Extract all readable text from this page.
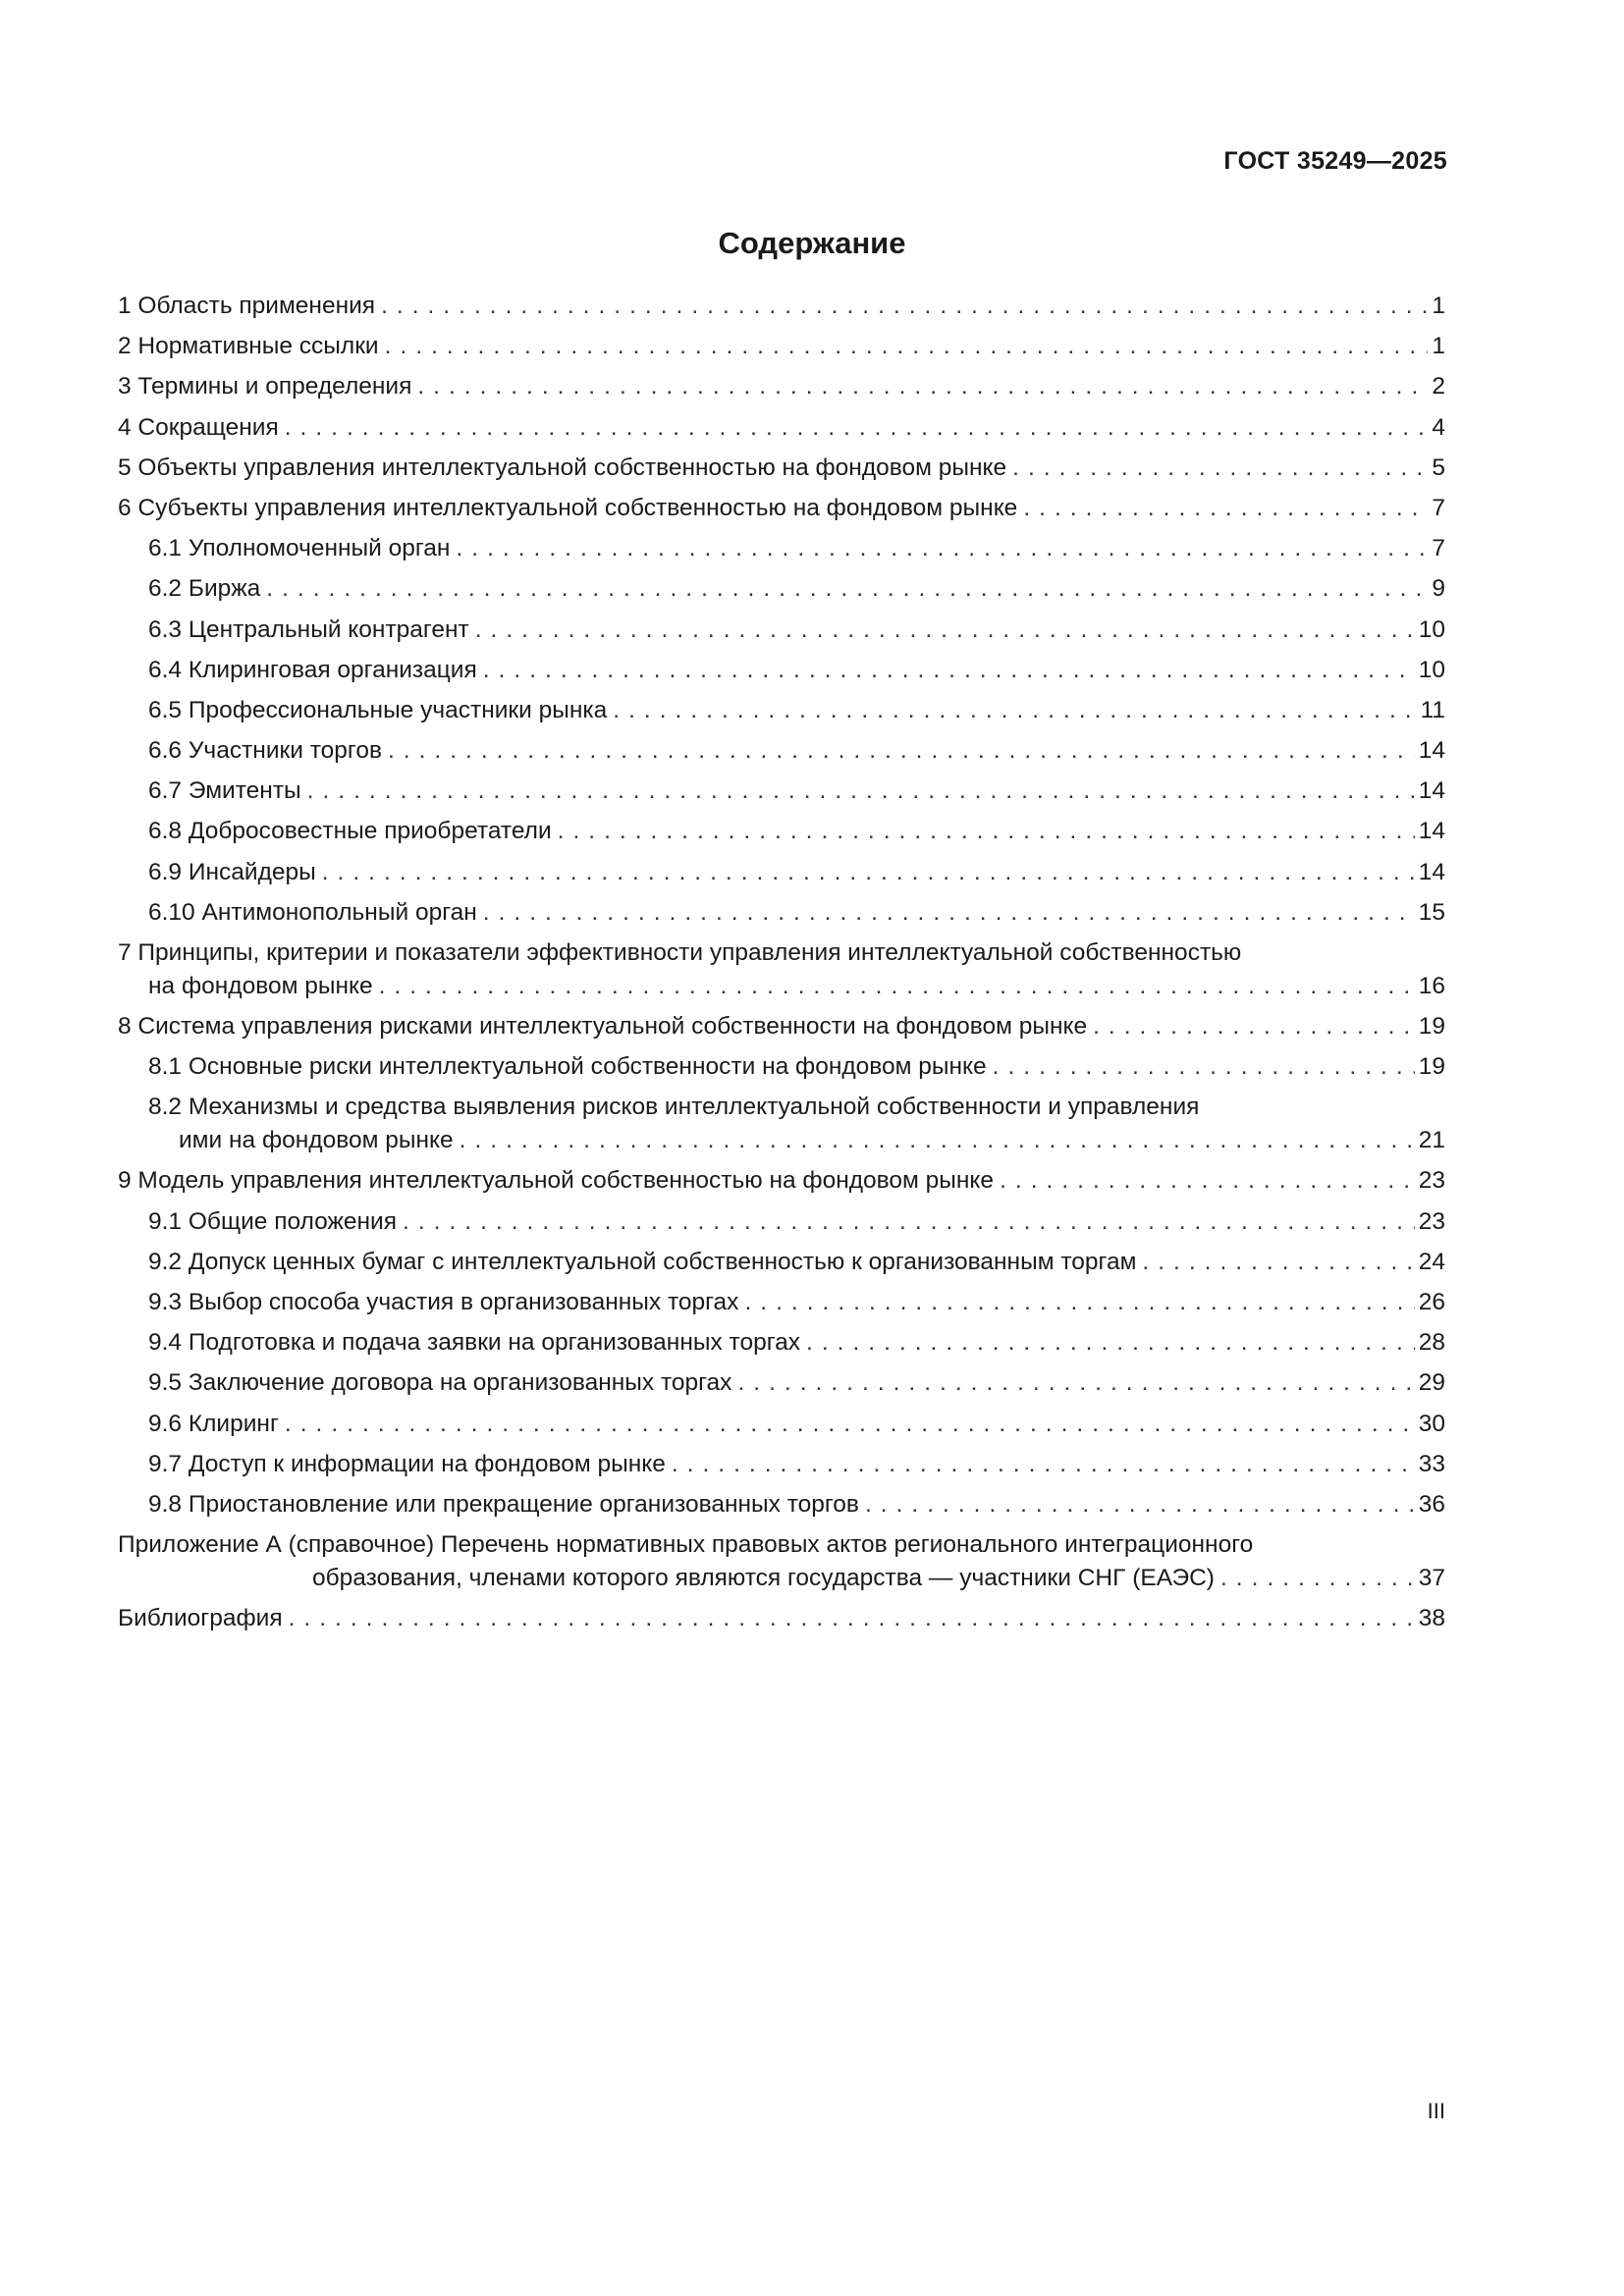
ГОСТ 35249—2025
Содержание
1 Область применения . . .	1
2 Нормативные ссылки . . .	1
3 Термины и определения . . .	2
4 Сокращения . . .	4
5 Объекты управления интеллектуальной собственностью на фондовом рынке . . .	5
6 Субъекты управления интеллектуальной собственностью на фондовом рынке . . .	7
6.1 Уполномоченный орган . . .	7
6.2 Биржа . . .	9
6.3 Центральный контрагент . . .	10
6.4 Клиринговая организация . . .	10
6.5 Профессиональные участники рынка . . .	11
6.6 Участники торгов . . .	14
6.7 Эмитенты . . .	14
6.8 Добросовестные приобретатели . . .	14
6.9 Инсайдеры . . .	14
6.10 Антимонопольный орган . . .	15
7 Принципы, критерии и показатели эффективности управления интеллектуальной собственностью
на фондовом рынке . . .	16
8 Система управления рисками интеллектуальной собственности на фондовом рынке . . .	19
8.1 Основные риски интеллектуальной собственности на фондовом рынке . . .	19
8.2 Механизмы и средства выявления рисков интеллектуальной собственности и управления
ими на фондовом рынке . . .	21
9 Модель управления интеллектуальной собственностью на фондовом рынке . . .	23
9.1 Общие положения . . .	23
9.2 Допуск ценных бумаг с интеллектуальной собственностью к организованным торгам . . .	24
9.3 Выбор способа участия в организованных торгах . . .	26
9.4 Подготовка и подача заявки на организованных торгах . . .	28
9.5 Заключение договора на организованных торгах . . .	29
9.6 Клиринг . . .	30
9.7 Доступ к информации на фондовом рынке . . .	33
9.8 Приостановление или прекращение организованных торгов . . .	36
Приложение А (справочное) Перечень нормативных правовых актов регионального интеграционного
образования, членами которого являются государства — участники СНГ (ЕАЭС) . . .	37
Библиография . . .	38
III
